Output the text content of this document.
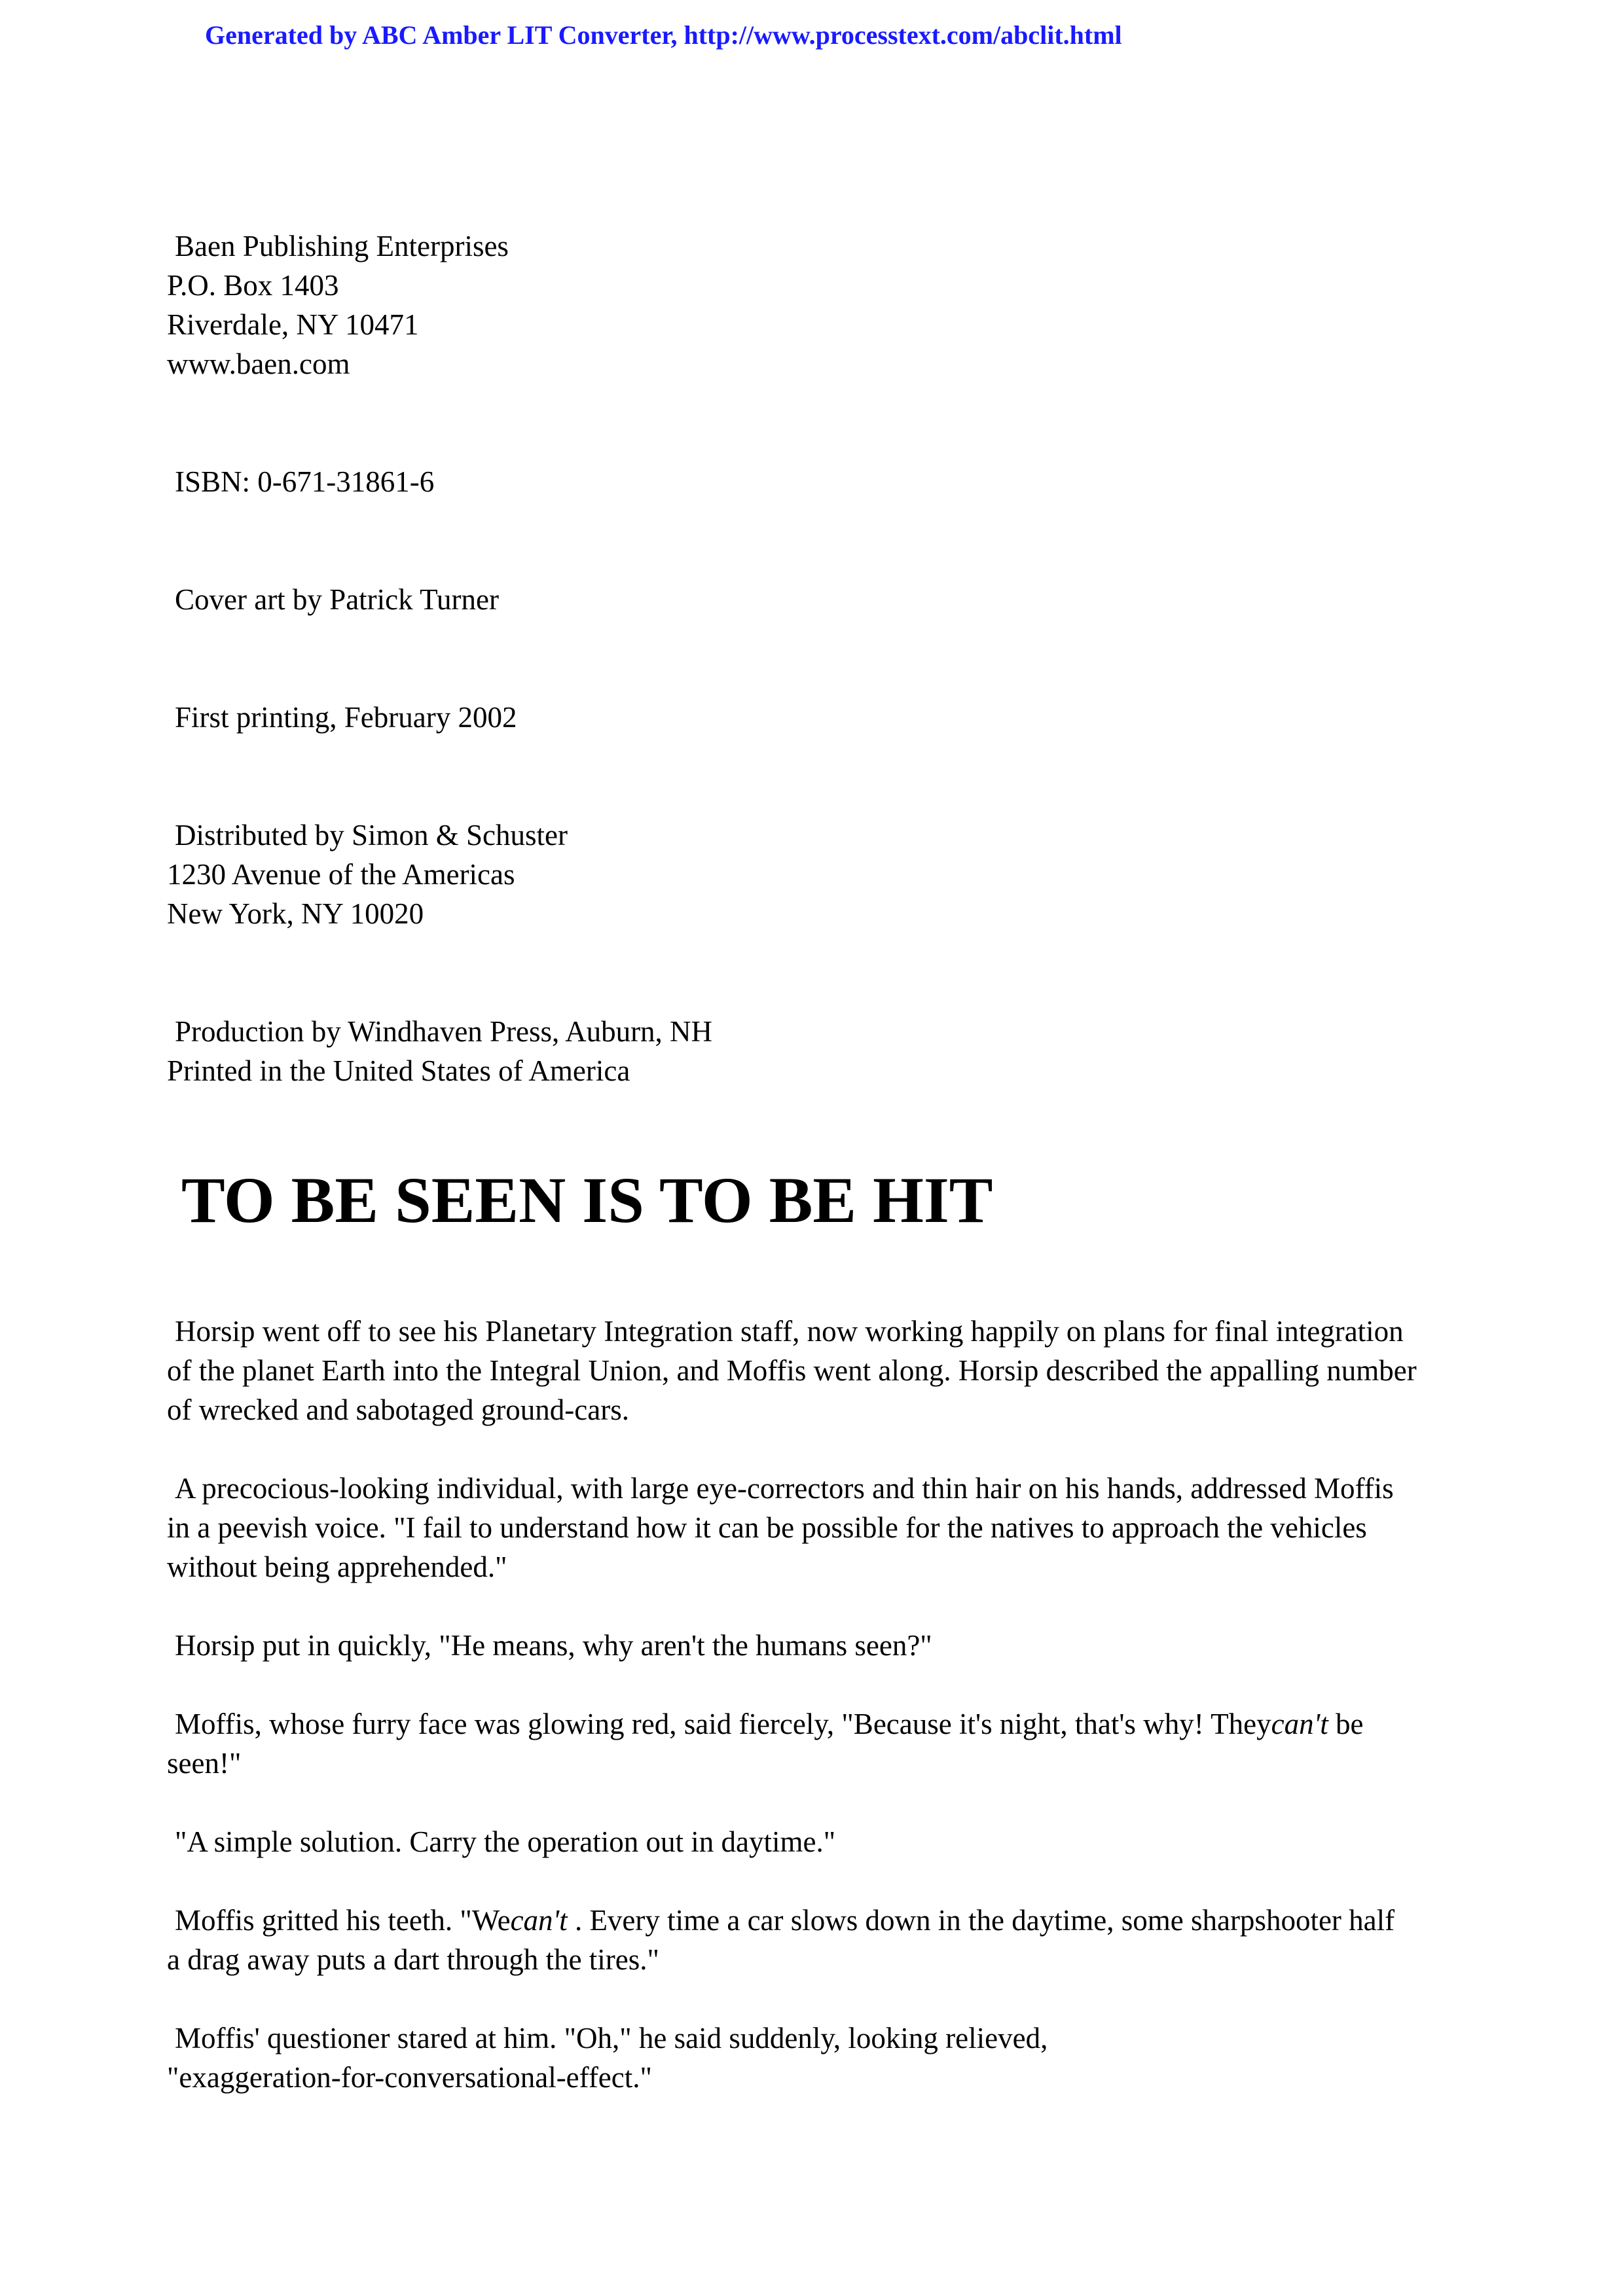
Generated by ABC Amber LIT Converter, http://www.processtext.com/abclit.html
Baen Publishing Enterprises
P.O. Box 1403
Riverdale, NY 10471
www.baen.com
ISBN: 0-671-31861-6
Cover art by Patrick Turner
First printing, February 2002
Distributed by Simon & Schuster
1230 Avenue of the Americas
New York, NY 10020
Production by Windhaven Press, Auburn, NH
Printed in the United States of America
TO BE SEEN IS TO BE HIT
Horsip went off to see his Planetary Integration staff, now working happily on plans for final integration
of the planet Earth into the Integral Union, and Moffis went along. Horsip described the appalling number
of wrecked and sabotaged ground-cars.
A precocious-looking individual, with large eye-correctors and thin hair on his hands, addressed Moffis
in a peevish voice. "I fail to understand how it can be possible for the natives to approach the vehicles
without being apprehended."
Horsip put in quickly, "He means, why aren't the humans seen?"
Moffis, whose furry face was glowing red, said fiercely, "Because it's night, that's why! Theycan't be
seen!"
"A simple solution. Carry the operation out in daytime."
Moffis gritted his teeth. "Wecan't . Every time a car slows down in the daytime, some sharpshooter half
a drag away puts a dart through the tires."
Moffis' questioner stared at him. "Oh," he said suddenly, looking relieved,
"exaggeration-for-conversational-effect."
